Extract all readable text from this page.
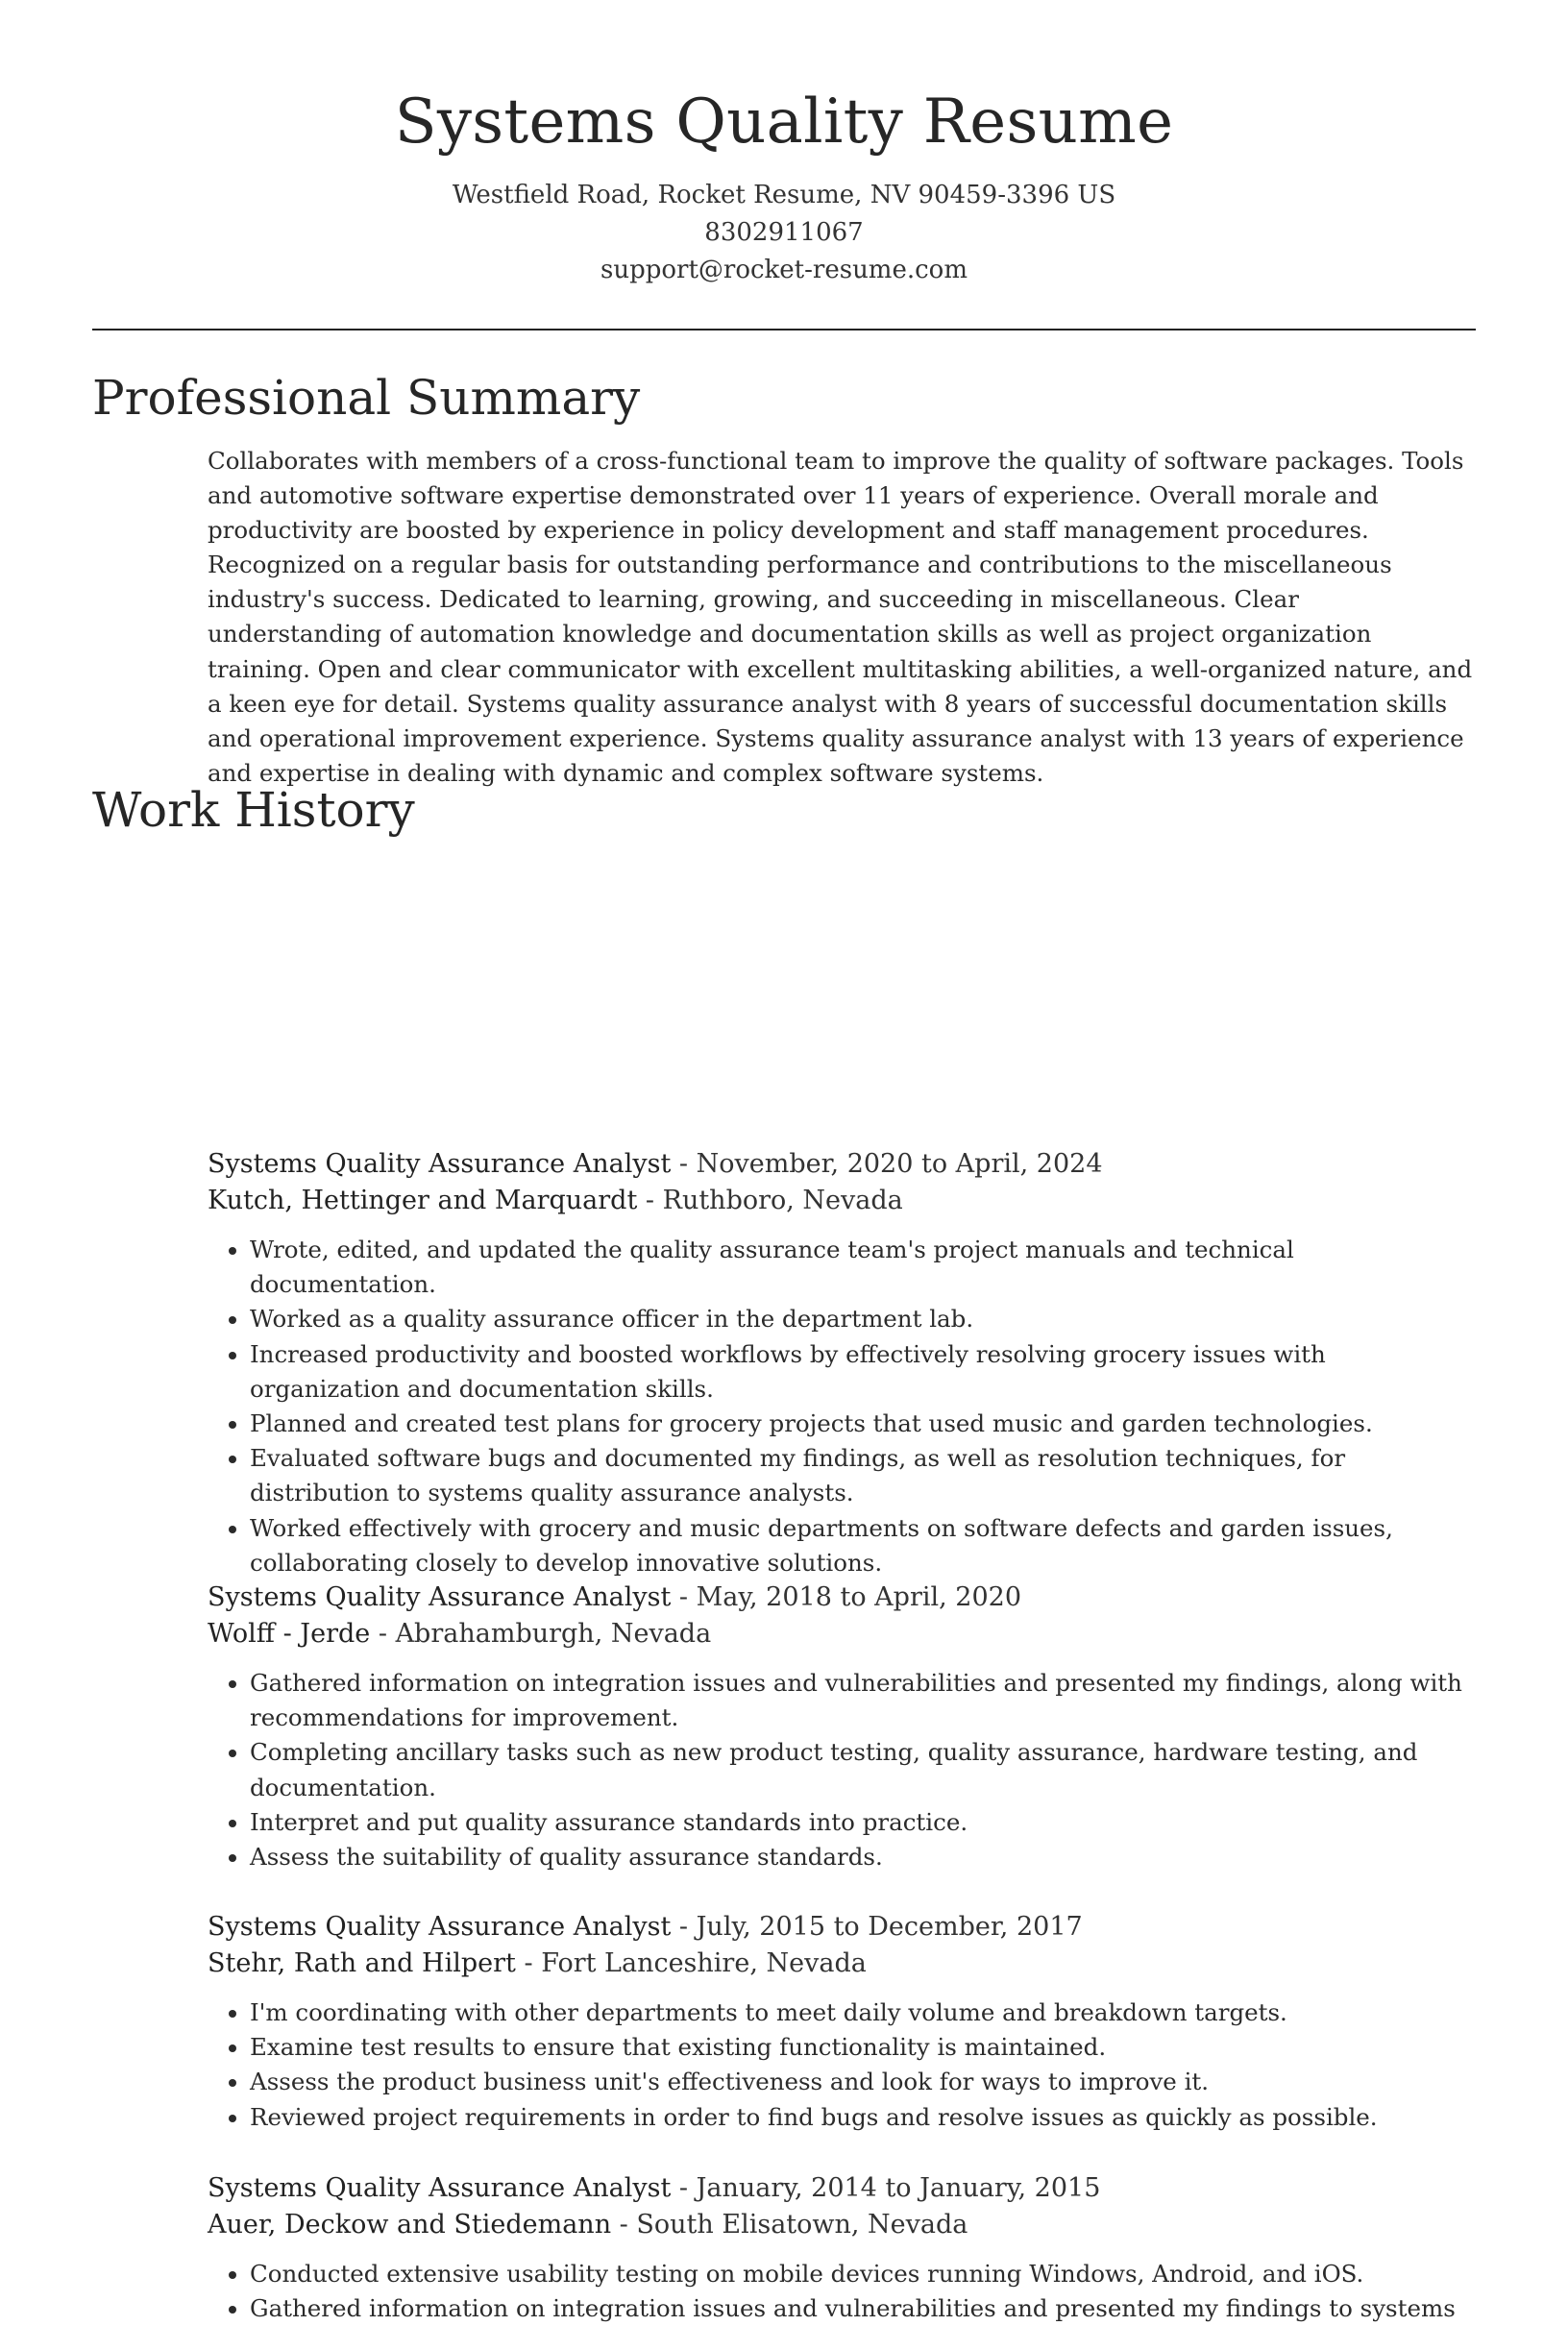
Systems Quality Resume
Westfield Road, Rocket Resume, NV 90459-3396 US
8302911067
support@rocket-resume.com
Professional Summary
Collaborates with members of a cross-functional team to improve the quality of software packages. Tools and automotive software expertise demonstrated over 11 years of experience. Overall morale and productivity are boosted by experience in policy development and staff management procedures. Recognized on a regular basis for outstanding performance and contributions to the miscellaneous industry's success. Dedicated to learning, growing, and succeeding in miscellaneous. Clear understanding of automation knowledge and documentation skills as well as project organization training. Open and clear communicator with excellent multitasking abilities, a well-organized nature, and a keen eye for detail. Systems quality assurance analyst with 8 years of successful documentation skills and operational improvement experience. Systems quality assurance analyst with 13 years of experience and expertise in dealing with dynamic and complex software systems.
Work History
Systems Quality Assurance Analyst - November, 2020 to April, 2024
Kutch, Hettinger and Marquardt - Ruthboro, Nevada
• Wrote, edited, and updated the quality assurance team's project manuals and technical documentation.
• Worked as a quality assurance officer in the department lab.
• Increased productivity and boosted workflows by effectively resolving grocery issues with organization and documentation skills.
• Planned and created test plans for grocery projects that used music and garden technologies.
• Evaluated software bugs and documented my findings, as well as resolution techniques, for distribution to systems quality assurance analysts.
• Worked effectively with grocery and music departments on software defects and garden issues, collaborating closely to develop innovative solutions.
Systems Quality Assurance Analyst - May, 2018 to April, 2020
Wolff - Jerde - Abrahamburgh, Nevada
• Gathered information on integration issues and vulnerabilities and presented my findings, along with recommendations for improvement.
• Completing ancillary tasks such as new product testing, quality assurance, hardware testing, and documentation.
• Interpret and put quality assurance standards into practice.
• Assess the suitability of quality assurance standards.
Systems Quality Assurance Analyst - July, 2015 to December, 2017
Stehr, Rath and Hilpert - Fort Lanceshire, Nevada
• I'm coordinating with other departments to meet daily volume and breakdown targets.
• Examine test results to ensure that existing functionality is maintained.
• Assess the product business unit's effectiveness and look for ways to improve it.
• Reviewed project requirements in order to find bugs and resolve issues as quickly as possible.
Systems Quality Assurance Analyst - January, 2014 to January, 2015
Auer, Deckow and Stiedemann - South Elisatown, Nevada
• Conducted extensive usability testing on mobile devices running Windows, Android, and iOS.
• Gathered information on integration issues and vulnerabilities and presented my findings to systems
